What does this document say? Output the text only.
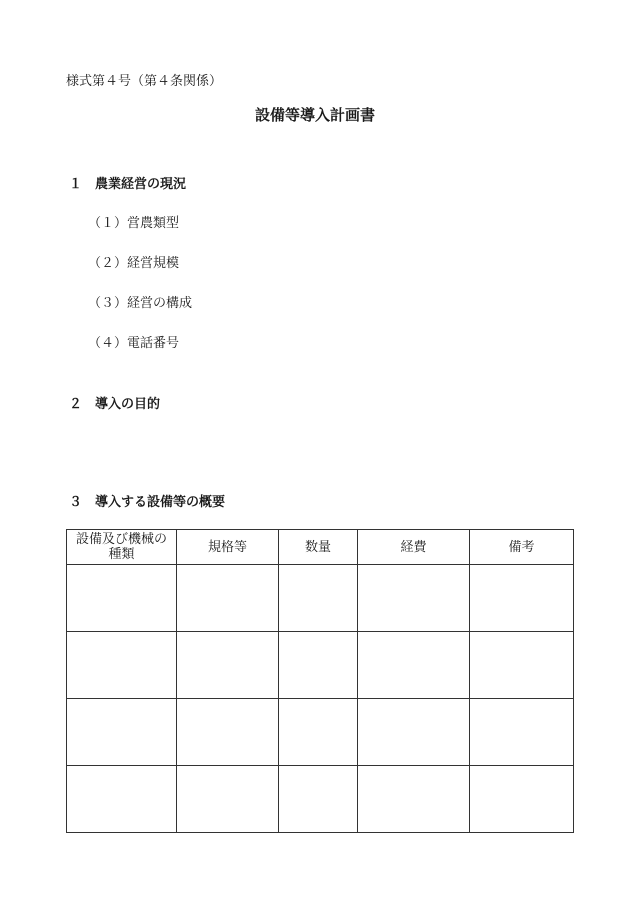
様式第４号（第４条関係）
設備等導入計画書
１ 農業経営の現況
（１）営農類型
（２）経営規模
（３）経営の構成
（４）電話番号
２ 導入の目的
３ 導入する設備等の概要
設備及び機械の種類	規格等	数量	経費	備考
